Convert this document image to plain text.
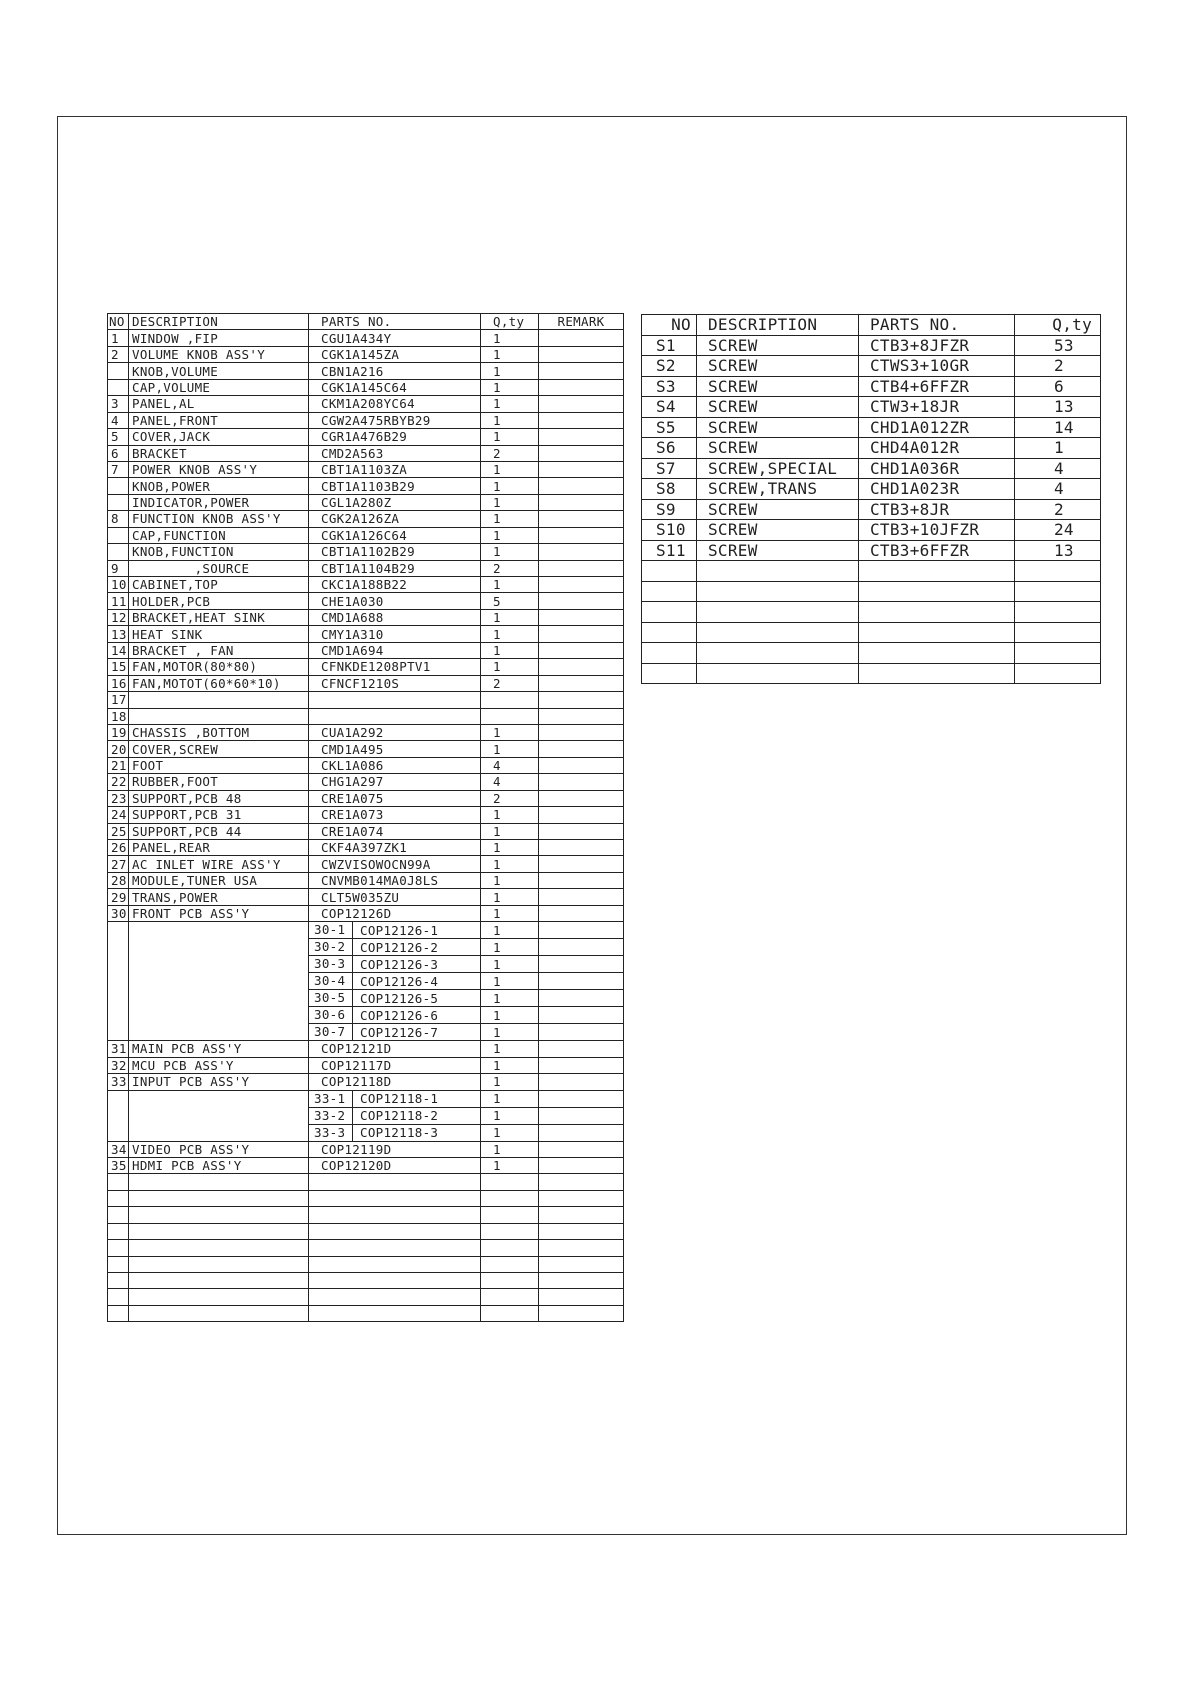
NO	DESCRIPTION	PARTS NO.	Q,ty	REMARK
1	WINDOW ,FIP	CGU1A434Y	1	
2	VOLUME KNOB ASS'Y	CGK1A145ZA	1	
	KNOB,VOLUME	CBN1A216	1	
	CAP,VOLUME	CGK1A145C64	1	
3	PANEL,AL	CKM1A208YC64	1	
4	PANEL,FRONT	CGW2A475RBYB29	1	
5	COVER,JACK	CGR1A476B29	1	
6	BRACKET	CMD2A563	2	
7	POWER KNOB ASS'Y	CBT1A1103ZA	1	
	KNOB,POWER	CBT1A1103B29	1	
	INDICATOR,POWER	CGL1A280Z	1	
8	FUNCTION KNOB ASS'Y	CGK2A126ZA	1	
	CAP,FUNCTION	CGK1A126C64	1	
	KNOB,FUNCTION	CBT1A1102B29	1	
9	,SOURCE	CBT1A1104B29	2	
10	CABINET,TOP	CKC1A188B22	1	
11	HOLDER,PCB	CHE1A030	5	
12	BRACKET,HEAT SINK	CMD1A688	1	
13	HEAT SINK	CMY1A310	1	
14	BRACKET , FAN	CMD1A694	1	
15	FAN,MOTOR(80*80)	CFNKDE1208PTV1	1	
16	FAN,MOTOT(60*60*10)	CFNCF1210S	2	
17				
18				
19	CHASSIS ,BOTTOM	CUA1A292	1	
20	COVER,SCREW	CMD1A495	1	
21	FOOT	CKL1A086	4	
22	RUBBER,FOOT	CHG1A297	4	
23	SUPPORT,PCB 48	CRE1A075	2	
24	SUPPORT,PCB 31	CRE1A073	1	
25	SUPPORT,PCB 44	CRE1A074	1	
26	PANEL,REAR	CKF4A397ZK1	1	
27	AC INLET WIRE ASS'Y	CWZVISOWOCN99A	1	
28	MODULE,TUNER USA	CNVMB014MA0J8LS	1	
29	TRANS,POWER	CLT5W035ZU	1	
30	FRONT PCB ASS'Y	COP12126D	1	

		30-1 COP12126-1	1	

		30-2 COP12126-2	1	

		30-3 COP12126-3	1	

		30-4 COP12126-4	1	

		30-5 COP12126-5	1	

		30-6 COP12126-6	1	

		30-7 COP12126-7	1	
31	MAIN PCB ASS'Y	COP12121D	1	
32	MCU PCB ASS'Y	COP12117D	1	
33	INPUT PCB ASS'Y	COP12118D	1	

		33-1 COP12118-1	1	

		33-2 COP12118-2	1	

		33-3 COP12118-3	1	
34	VIDEO PCB ASS'Y	COP12119D	1	
35	HDMI PCB ASS'Y	COP12120D	1	

NO	DESCRIPTION	PARTS NO.	Q,ty
S1	SCREW	CTB3+8JFZR	53
S2	SCREW	CTWS3+10GR	2
S3	SCREW	CTB4+6FFZR	6
S4	SCREW	CTW3+18JR	13
S5	SCREW	CHD1A012ZR	14
S6	SCREW	CHD4A012R	1
S7	SCREW,SPECIAL	CHD1A036R	4
S8	SCREW,TRANS	CHD1A023R	4
S9	SCREW	CTB3+8JR	2
S10	SCREW	CTB3+10JFZR	24
S11	SCREW	CTB3+6FFZR	13
